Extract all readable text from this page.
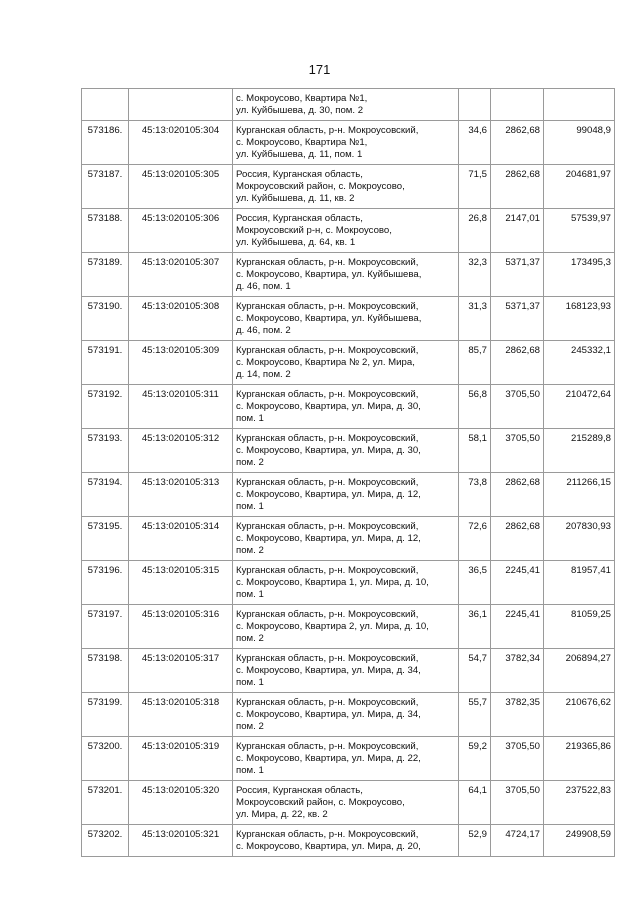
171

		с. Мокроусово, Квартира №1,
ул. Куйбышева, д. 30, пом. 2			

573186.	45:13:020105:304	Курганская область, р-н. Мокроусовский,
с. Мокроусово, Квартира №1,
ул. Куйбышева, д. 11, пом. 1	34,6	2862,68	99048,9
573187.	45:13:020105:305	Россия, Курганская область,
Мокроусовский район, с. Мокроусово,
ул. Куйбышева, д. 11, кв. 2	71,5	2862,68	204681,97
573188.	45:13:020105:306	Россия, Курганская область,
Мокроусовский р-н, с. Мокроусово,
ул. Куйбышева, д. 64, кв. 1	26,8	2147,01	57539,97
573189.	45:13:020105:307	Курганская область, р-н. Мокроусовский,
с. Мокроусово, Квартира, ул. Куйбышева,
д. 46, пом. 1	32,3	5371,37	173495,3
573190.	45:13:020105:308	Курганская область, р-н. Мокроусовский,
с. Мокроусово, Квартира, ул. Куйбышева,
д. 46, пом. 2	31,3	5371,37	168123,93
573191.	45:13:020105:309	Курганская область, р-н. Мокроусовский,
с. Мокроусово, Квартира № 2, ул. Мира,
д. 14, пом. 2	85,7	2862,68	245332,1
573192.	45:13:020105:311	Курганская область, р-н. Мокроусовский,
с. Мокроусово, Квартира, ул. Мира, д. 30,
пом. 1	56,8	3705,50	210472,64
573193.	45:13:020105:312	Курганская область, р-н. Мокроусовский,
с. Мокроусово, Квартира, ул. Мира, д. 30,
пом. 2	58,1	3705,50	215289,8
573194.	45:13:020105:313	Курганская область, р-н. Мокроусовский,
с. Мокроусово, Квартира, ул. Мира, д. 12,
пом. 1	73,8	2862,68	211266,15
573195.	45:13:020105:314	Курганская область, р-н. Мокроусовский,
с. Мокроусово, Квартира, ул. Мира, д. 12,
пом. 2	72,6	2862,68	207830,93
573196.	45:13:020105:315	Курганская область, р-н. Мокроусовский,
с. Мокроусово, Квартира 1, ул. Мира, д. 10,
пом. 1	36,5	2245,41	81957,41
573197.	45:13:020105:316	Курганская область, р-н. Мокроусовский,
с. Мокроусово, Квартира 2, ул. Мира, д. 10,
пом. 2	36,1	2245,41	81059,25
573198.	45:13:020105:317	Курганская область, р-н. Мокроусовский,
с. Мокроусово, Квартира, ул. Мира, д. 34,
пом. 1	54,7	3782,34	206894,27
573199.	45:13:020105:318	Курганская область, р-н. Мокроусовский,
с. Мокроусово, Квартира, ул. Мира, д. 34,
пом. 2	55,7	3782,35	210676,62
573200.	45:13:020105:319	Курганская область, р-н. Мокроусовский,
с. Мокроусово, Квартира, ул. Мира, д. 22,
пом. 1	59,2	3705,50	219365,86
573201.	45:13:020105:320	Россия, Курганская область,
Мокроусовский район, с. Мокроусово,
ул. Мира, д. 22, кв. 2	64,1	3705,50	237522,83
573202.	45:13:020105:321	Курганская область, р-н. Мокроусовский,
с. Мокроусово, Квартира, ул. Мира, д. 20,	52,9	4724,17	249908,59
